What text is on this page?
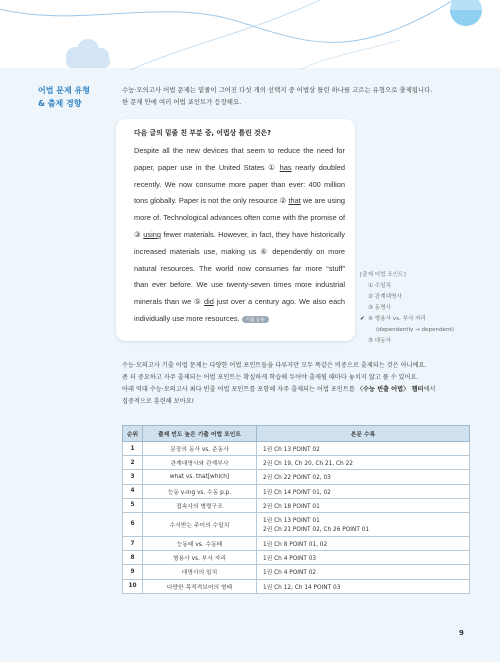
어법 문제 유형
& 출제 경향
수능·모의고사 어법 문제는 밑줄이 그어진 다섯 개의 선택지 중 어법상 틀린 하나를 고르는 유형으로 출제됩니다.
한 문제 안에 여러 어법 포인트가 등장해요.
다음 글의 밑줄 친 부분 중, 어법상 틀린 것은?
Despite all the new devices that seem to reduce the need for paper, paper use in the United States ① has nearly doubled recently. We now consume more paper than ever: 400 million tons globally. Paper is not the only resource ② that we are using more of. Technological advances often come with the promise of ③ using fewer materials. However, in fact, they have historically increased materials use, making us ④ dependently on more natural resources. The world now consumes far more “stuff” than ever before. We use twenty-seven times more industrial minerals than we ⑤ did just over a century ago. We also each individually use more resources. 기출 응용
[출제 어법 포인트]
① 수일치
② 관계대명사
③ 동명사
✔ ④ 형용사 vs. 부사 자리
(dependently → dependent)
⑤ 대동사
수능·모의고사 기출 어법 문제는 다양한 어법 포인트들을 다루지만 모두 똑같은 비중으로 출제되는 것은 아니에요.
좀 더 중요하고 자주 출제되는 어법 포인트는 확실하게 학습해 두어야 출제될 때마다 놓치지 않고 풀 수 있어요.
아래 역대 수능·모의고사 최다 빈출 어법 포인트를 포함해 자주 출제되는 어법 포인트를 〈수능 빈출 어법〉 챕터에서
집중적으로 훈련해 보아요!
순위	출제 빈도 높은 기출 어법 포인트	본문 수록
1	문장의 동사 vs. 준동사	1권 Ch 13 POINT 02
2	관계대명사와 관계부사	2권 Ch 19, Ch 20, Ch 21, Ch 22
3	what vs. that[which]	2권 Ch 22 POINT 02, 03
4	능동 v-ing vs. 수동 p.p.	1권 Ch 14 POINT 01, 02
5	접속사의 병렬구조	2권 Ch 18 POINT 01
6	수식받는 주어의 수일치	1권 Ch 13 POINT 01
2권 Ch 21 POINT 02, Ch 26 POINT 01

7	능동태 vs. 수동태	1권 Ch 8 POINT 01, 02
8	형용사 vs. 부사 자리	1권 Ch 4 POINT 03
9	대명사의 일치	1권 Ch 4 POINT 02
10	다양한 목적격보어의 형태	1권 Ch 12, Ch 14 POINT 03
9
